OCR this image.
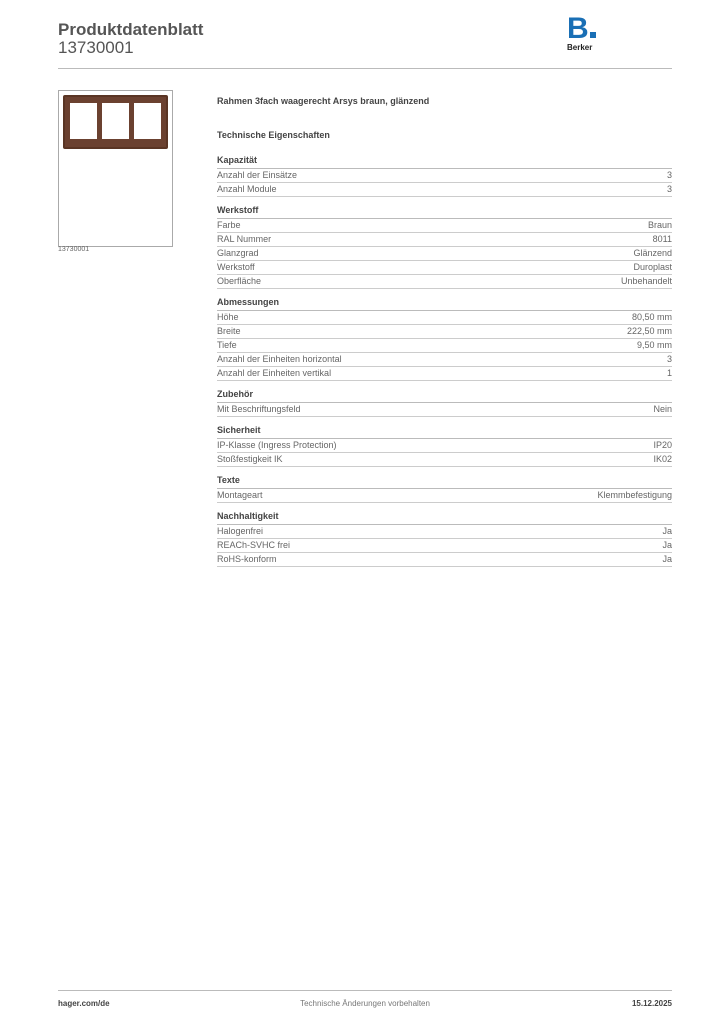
Produktdatenblatt
13730001
B
Berker
13730001
Rahmen 3fach waagerecht Arsys braun, glänzend
Technische Eigenschaften
Kapazität
Anzahl der Einsätze	3
Anzahl Module	3
Werkstoff
Farbe	Braun
RAL Nummer	8011
Glanzgrad	Glänzend
Werkstoff	Duroplast
Oberfläche	Unbehandelt
Abmessungen
Höhe	80,50 mm
Breite	222,50 mm
Tiefe	9,50 mm
Anzahl der Einheiten horizontal	3
Anzahl der Einheiten vertikal	1
Zubehör
Mit Beschriftungsfeld	Nein
Sicherheit
IP-Klasse (Ingress Protection)	IP20
Stoßfestigkeit IK	IK02
Texte
Montageart	Klemmbefestigung
Nachhaltigkeit
Halogenfrei	Ja
REACh-SVHC frei	Ja
RoHS-konform	Ja
hager.com/de	Technische Änderungen vorbehalten	15.12.2025
